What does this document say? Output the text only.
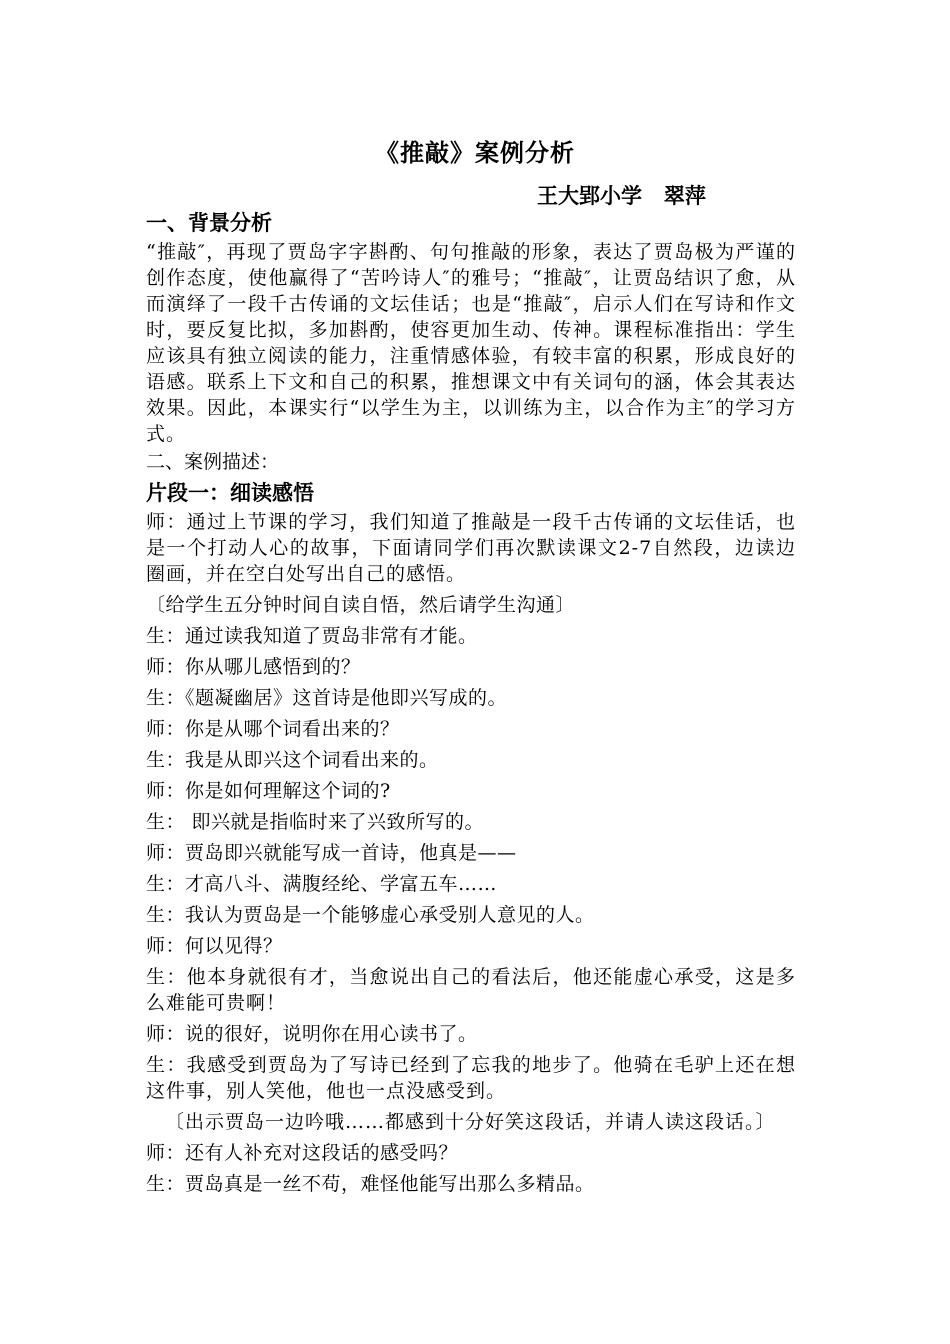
《推敲》案例分析
王大郢小学   翠萍

一、背景分析

“推敲″，再现了贾岛字字斟酌、句句推敲的形象，表达了贾岛极为严谨的创作态度，使他赢得了“苦吟诗人″的雅号；“推敲″，让贾岛结识了愈，从而演绎了一段千古传诵的文坛佳话；也是“推敲″，启示人们在写诗和作文时，要反复比拟，多加斟酌，使容更加生动、传神。课程标准指出：学生应该具有独立阅读的能力，注重情感体验，有较丰富的积累，形成良好的语感。联系上下文和自己的积累，推想课文中有关词句的涵，体会其表达效果。因此，本课实行“以学生为主，以训练为主，以合作为主″的学习方式。

二、案例描述：

片段一：细读感悟

师：通过上节课的学习，我们知道了推敲是一段千古传诵的文坛佳话，也是一个打动人心的故事，下面请同学们再次默读课文2-7自然段，边读边圈画，并在空白处写出自己的感悟。

〔给学生五分钟时间自读自悟，然后请学生沟通〕

生：通过读我知道了贾岛非常有才能。

师：你从哪儿感悟到的？

生：《题凝幽居》这首诗是他即兴写成的。

师：你是从哪个词看出来的？

生：我是从即兴这个词看出来的。

师：你是如何理解这个词的?

生： 即兴就是指临时来了兴致所写的。

师：贾岛即兴就能写成一首诗，他真是——

生：才高八斗、满腹经纶、学富五车……

生：我认为贾岛是一个能够虚心承受别人意见的人。

师：何以见得？

生：他本身就很有才，当愈说出自己的看法后，他还能虚心承受，这是多么难能可贵啊！

师：说的很好，说明你在用心读书了。

生：我感受到贾岛为了写诗已经到了忘我的地步了。他骑在毛驴上还在想这件事，别人笑他，他也一点没感受到。

〔出示贾岛一边吟哦……都感到十分好笑这段话，并请人读这段话。〕

师：还有人补充对这段话的感受吗？

生：贾岛真是一丝不苟，难怪他能写出那么多精品。
